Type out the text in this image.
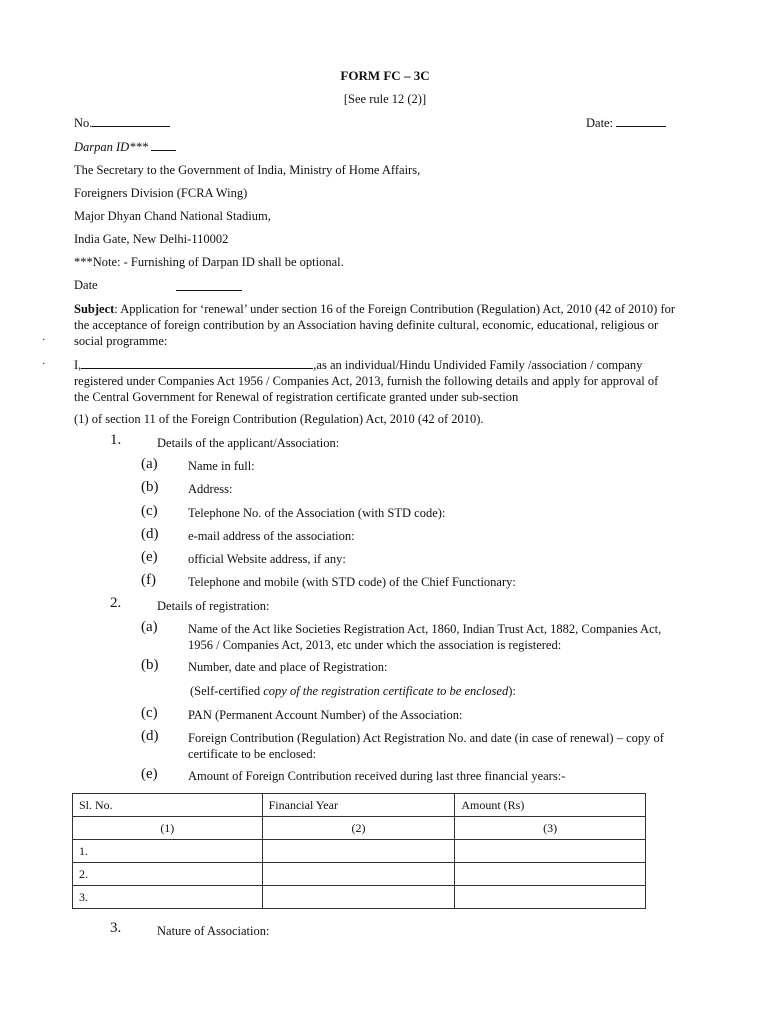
FORM FC – 3C
[See rule 12 (2)]
No.	Date:
Darpan ID***
The Secretary to the Government of India, Ministry of Home Affairs,
Foreigners Division (FCRA Wing)
Major Dhyan Chand National Stadium,
India Gate, New Delhi-110002
***Note: - Furnishing of Darpan ID shall be optional.
Date
Subject: Application for ‘renewal’ under section 16 of the Foreign Contribution (Regulation) Act, 2010 (42 of 2010) for
the acceptance of foreign contribution by an Association having definite cultural, economic, educational, religious or
social programme:
·
I,	,as an individual/Hindu Undivided Family /association / company
·
registered under Companies Act 1956 / Companies Act, 2013, furnish the following details and apply for approval of
the Central Government for Renewal of registration certificate granted under sub-section
(1) of section 11 of the Foreign Contribution (Regulation) Act, 2010 (42 of 2010).
1.	Details of the applicant/Association:
(a) Name in full:
(b) Address:
(c) Telephone No. of the Association (with STD code):
(d) e-mail address of the association:
(e) official Website address, if any:
(f)	Telephone and mobile (with STD code) of the Chief Functionary:
2.	Details of registration:
(a) Name of the Act like Societies Registration Act, 1860, Indian Trust Act, 1882, Companies Act,
1956 / Companies Act, 2013, etc under which the association is registered:
(b) Number, date and place of Registration:
(Self-certified copy of the registration certificate to be enclosed):
(c) PAN (Permanent Account Number) of the Association:
(d) Foreign Contribution (Regulation) Act Registration No. and date (in case of renewal) – copy of
certificate to be enclosed:
(e) Amount of Foreign Contribution received during last three financial years:-
Sl. No.	Financial Year	Amount (Rs)
(1)	(2)	(3)
1.		
2.		
3.		
3.	Nature of Association:
